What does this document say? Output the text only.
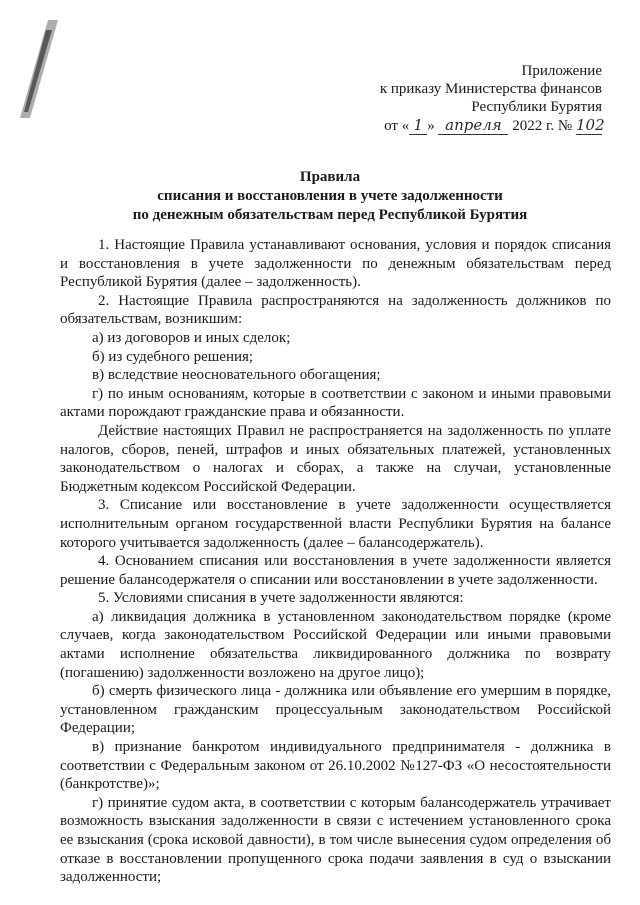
Приложение
к приказу Министерства финансов
Республики Бурятия
от « 1 » апреля 2022 г. № 102
Правила
списания и восстановления в учете задолженности
по денежным обязательствам перед Республикой Бурятия

1. Настоящие Правила устанавливают основания, условия и порядок списания и восстановления в учете задолженности по денежным обязательствам перед Республикой Бурятия (далее – задолженность).

2. Настоящие Правила распространяются на задолженность должников по обязательствам, возникшим:

а) из договоров и иных сделок;

б) из судебного решения;

в) вследствие неосновательного обогащения;

г) по иным основаниям, которые в соответствии с законом и иными правовыми актами порождают гражданские права и обязанности.

Действие настоящих Правил не распространяется на задолженность по уплате налогов, сборов, пеней, штрафов и иных обязательных платежей, установленных законодательством о налогах и сборах, а также на случаи, установленные Бюджетным кодексом Российской Федерации.

3. Списание или восстановление в учете задолженности осуществляется исполнительным органом государственной власти Республики Бурятия на балансе которого учитывается задолженность (далее – балансодержатель).

4. Основанием списания или восстановления в учете задолженности является решение балансодержателя о списании или восстановлении в учете задолженности.

5. Условиями списания в учете задолженности являются:

а) ликвидация должника в установленном законодательством порядке (кроме случаев, когда законодательством Российской Федерации или иными правовыми актами исполнение обязательства ликвидированного должника по возврату (погашению) задолженности возложено на другое лицо);

б) смерть физического лица - должника или объявление его умершим в порядке, установленном гражданским процессуальным законодательством Российской Федерации;

в) признание банкротом индивидуального предпринимателя - должника в соответствии с Федеральным законом от 26.10.2002 №127-ФЗ «О несостоятельности (банкротстве)»;

г) принятие судом акта, в соответствии с которым балансодержатель утрачивает возможность взыскания задолженности в связи с истечением установленного срока ее взыскания (срока исковой давности), в том числе вынесения судом определения об отказе в восстановлении пропущенного срока подачи заявления в суд о взыскании задолженности;
